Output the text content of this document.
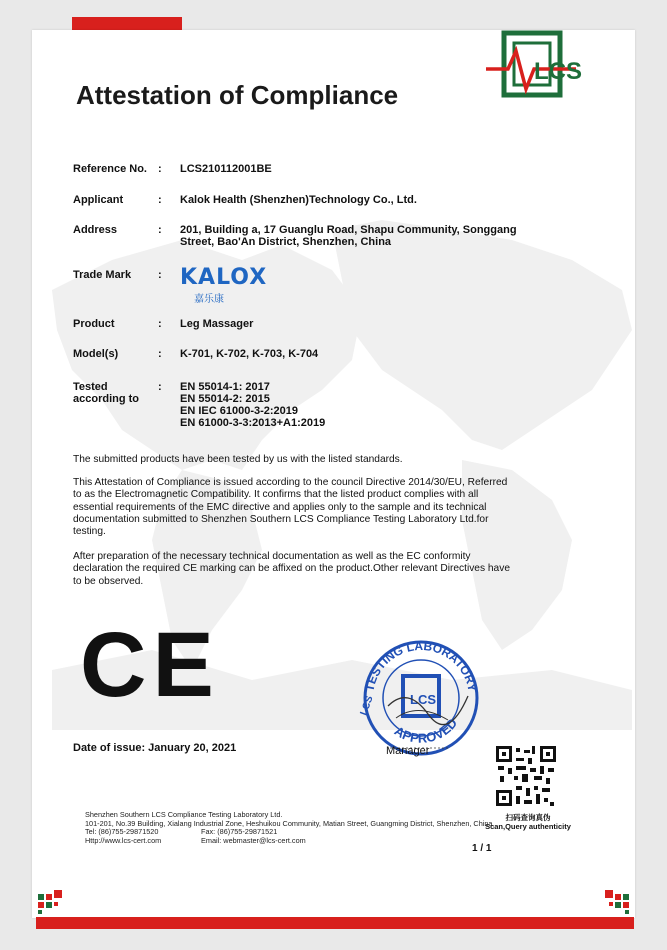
LCS
Attestation of Compliance
Reference No.	: LCS210112001BE
Applicant	: Kalok Health (Shenzhen)Technology Co., Ltd.
Address	: 201, Building a, 17 Guanglu Road, Shapu Community, Songgang
Street, Bao'An District, Shenzhen, China
Trade Mark	: KALOX
嘉乐康
Product	: Leg Massager
Model(s)	: K-701, K-702, K-703, K-704
Tested
according to
: EN 55014-1: 2017
EN 55014-2: 2015
EN IEC 61000-3-2:2019
EN 61000-3-3:2013+A1:2019
The submitted products have been tested by us with the listed standards.
This Attestation of Compliance is issued according to the council Directive 2014/30/EU, Referred to as the Electromagnetic Compatibility. It confirms that the listed product complies with all essential requirements of the EMC directive and applies only to the sample and its technical documentation submitted to Shenzhen Southern LCS Compliance Testing Laboratory Ltd.for testing.
After preparation of the necessary technical documentation as well as the EC conformity declaration the required CE marking can be affixed on the product.Other relevant Directives have to be observed.
CE	TESTING LABORATORY
APPROVED
LCS	LCS
Date of issue: January 20, 2021	Manager
扫码查询真伪
Scan,Query authenticity
Shenzhen Southern LCS Compliance Testing Laboratory Ltd.
101-201, No.39 Building, Xialang Industrial Zone, Heshuikou Community, Matian Street, Guangming District, Shenzhen, China
Tel: (86)755-29871520	Fax: (86)755-29871521
Http://www.lcs-cert.com	Email: webmaster@lcs-cert.com
1 / 1
